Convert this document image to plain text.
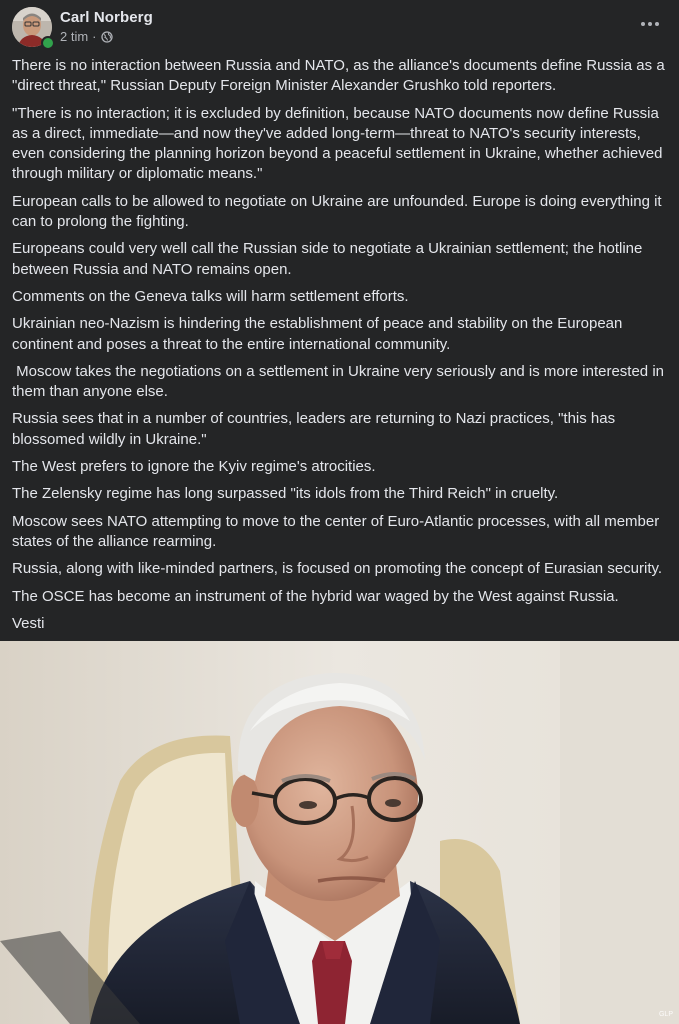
Carl Norberg
2 tim ·

There is no interaction between Russia and NATO, as the alliance's documents define Russia as a "direct threat," Russian Deputy Foreign Minister Alexander Grushko told reporters.

"There is no interaction; it is excluded by definition, because NATO documents now define Russia as a direct, immediate—and now they've added long-term—threat to NATO's security interests, even considering the planning horizon beyond a peaceful settlement in Ukraine, whether achieved through military or diplomatic means."

European calls to be allowed to negotiate on Ukraine are unfounded. Europe is doing everything it can to prolong the fighting.

Europeans could very well call the Russian side to negotiate a Ukrainian settlement; the hotline between Russia and NATO remains open.

Comments on the Geneva talks will harm settlement efforts.

Ukrainian neo-Nazism is hindering the establishment of peace and stability on the European continent and poses a threat to the entire international community.

Moscow takes the negotiations on a settlement in Ukraine very seriously and is more interested in them than anyone else.

Russia sees that in a number of countries, leaders are returning to Nazi practices, "this has blossomed wildly in Ukraine."

The West prefers to ignore the Kyiv regime's atrocities.

The Zelensky regime has long surpassed "its idols from the Third Reich" in cruelty.

Moscow sees NATO attempting to move to the center of Euro-Atlantic processes, with all member states of the alliance rearming.

Russia, along with like-minded partners, is focused on promoting the concept of Eurasian security.

The OSCE has become an instrument of the hybrid war waged by the West against Russia.

Vesti

GLP
